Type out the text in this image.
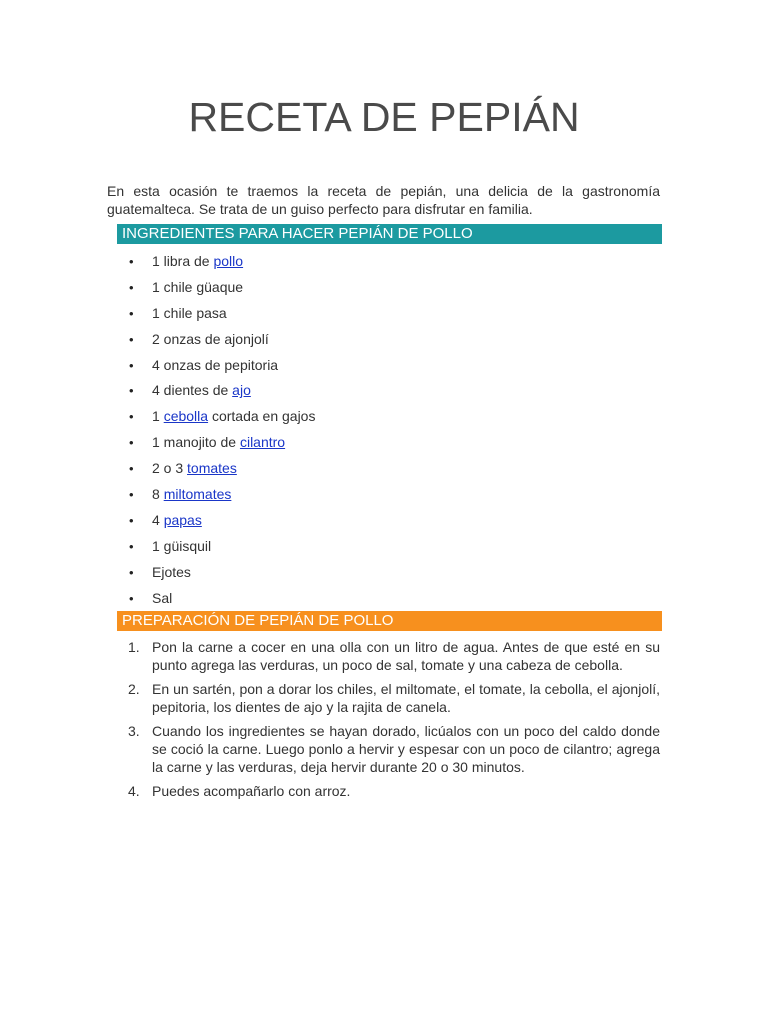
RECETA DE PEPIÁN

En esta ocasión te traemos la receta de pepián, una delicia de la gastronomía guatemalteca. Se trata de un guiso perfecto para disfrutar en familia.

INGREDIENTES PARA HACER PEPIÁN DE POLLO
• 1 libra de pollo
• 1 chile güaque
• 1 chile pasa
• 2 onzas de ajonjolí
• 4 onzas de pepitoria
• 4 dientes de ajo
• 1 cebolla cortada en gajos
• 1 manojito de cilantro
• 2 o 3 tomates
• 8 miltomates
• 4 papas
• 1 güisquil
• Ejotes
• Sal
PREPARACIÓN DE PEPIÁN DE POLLO
1. Pon la carne a cocer en una olla con un litro de agua. Antes de que esté en su punto agrega las verduras, un poco de sal, tomate y una cabeza de cebolla.
2. En un sartén, pon a dorar los chiles, el miltomate, el tomate, la cebolla, el ajonjolí, pepitoria, los dientes de ajo y la rajita de canela.
3. Cuando los ingredientes se hayan dorado, licúalos con un poco del caldo donde se coció la carne. Luego ponlo a hervir y espesar con un poco de cilantro; agrega la carne y las verduras, deja hervir durante 20 o 30 minutos.
4. Puedes acompañarlo con arroz.
